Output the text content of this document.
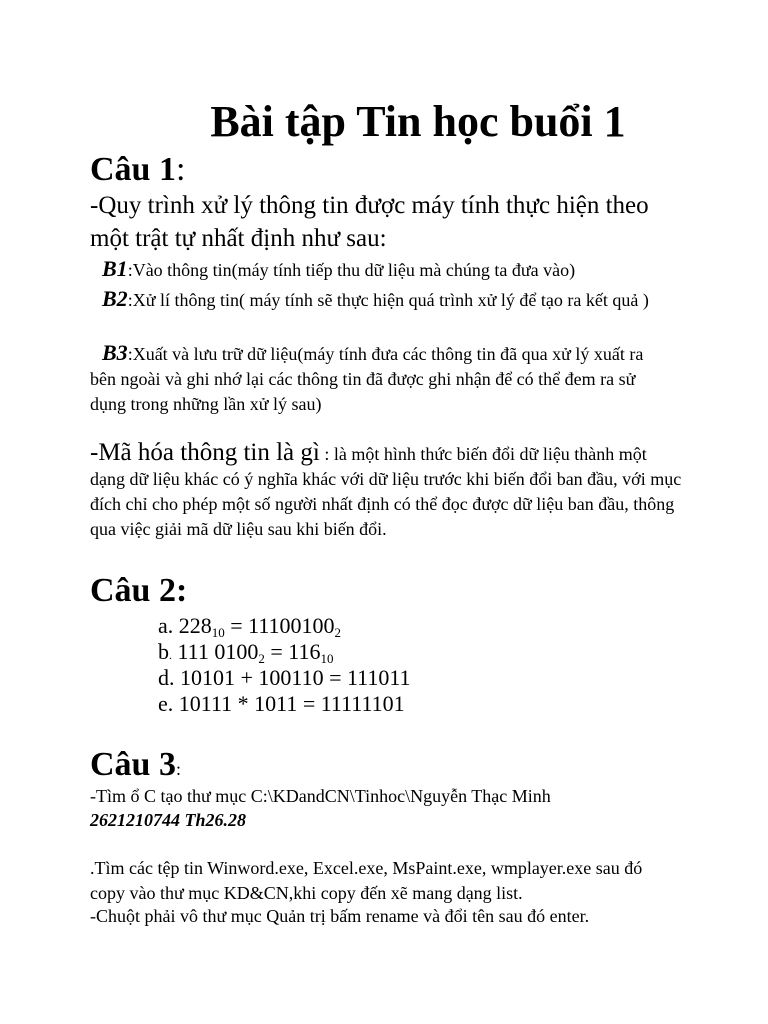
Bài tập Tin học buổi 1
Câu 1:
-Quy trình xử lý thông tin được máy tính thực hiện theo một trật tự nhất định như sau:
B1:Vào thông tin(máy tính tiếp thu dữ liệu mà chúng ta đưa vào)
B2:Xử lí thông tin( máy tính sẽ thực hiện quá trình xử lý để tạo ra kết quả )
B3:Xuất và lưu trữ dữ liệu(máy tính đưa các thông tin đã qua xử lý xuất ra bên ngoài và ghi nhớ lại các thông tin đã được ghi nhận để có thể đem ra sử dụng trong những lần xử lý sau)
-Mã hóa thông tin là gì : là một hình thức biến đổi dữ liệu thành một dạng dữ liệu khác có ý nghĩa khác với dữ liệu trước khi biến đổi ban đầu, với mục đích chỉ cho phép một số người nhất định có thể đọc được dữ liệu ban đầu, thông qua việc giải mã dữ liệu sau khi biến đổi.
Câu 2:
a. $228_{10} = 11100100_2$
b. 111 $0100_2 = 116_{10}$
d. 10101 + 100110 = 111011
e. 10111 * 1011 = 11111101
Câu 3:
-Tìm ổ C tạo thư mục C:\KDandCN\Tinhoc\Nguyễn Thạc Minh
2621210744 Th26.28
.Tìm các tệp tin Winword.exe, Excel.exe, MsPaint.exe, wmplayer.exe sau đó copy vào thư mục KD&CN,khi copy đến xẽ mang dạng list.
-Chuột phải vô thư mục Quản trị bấm rename và đổi tên sau đó enter.
